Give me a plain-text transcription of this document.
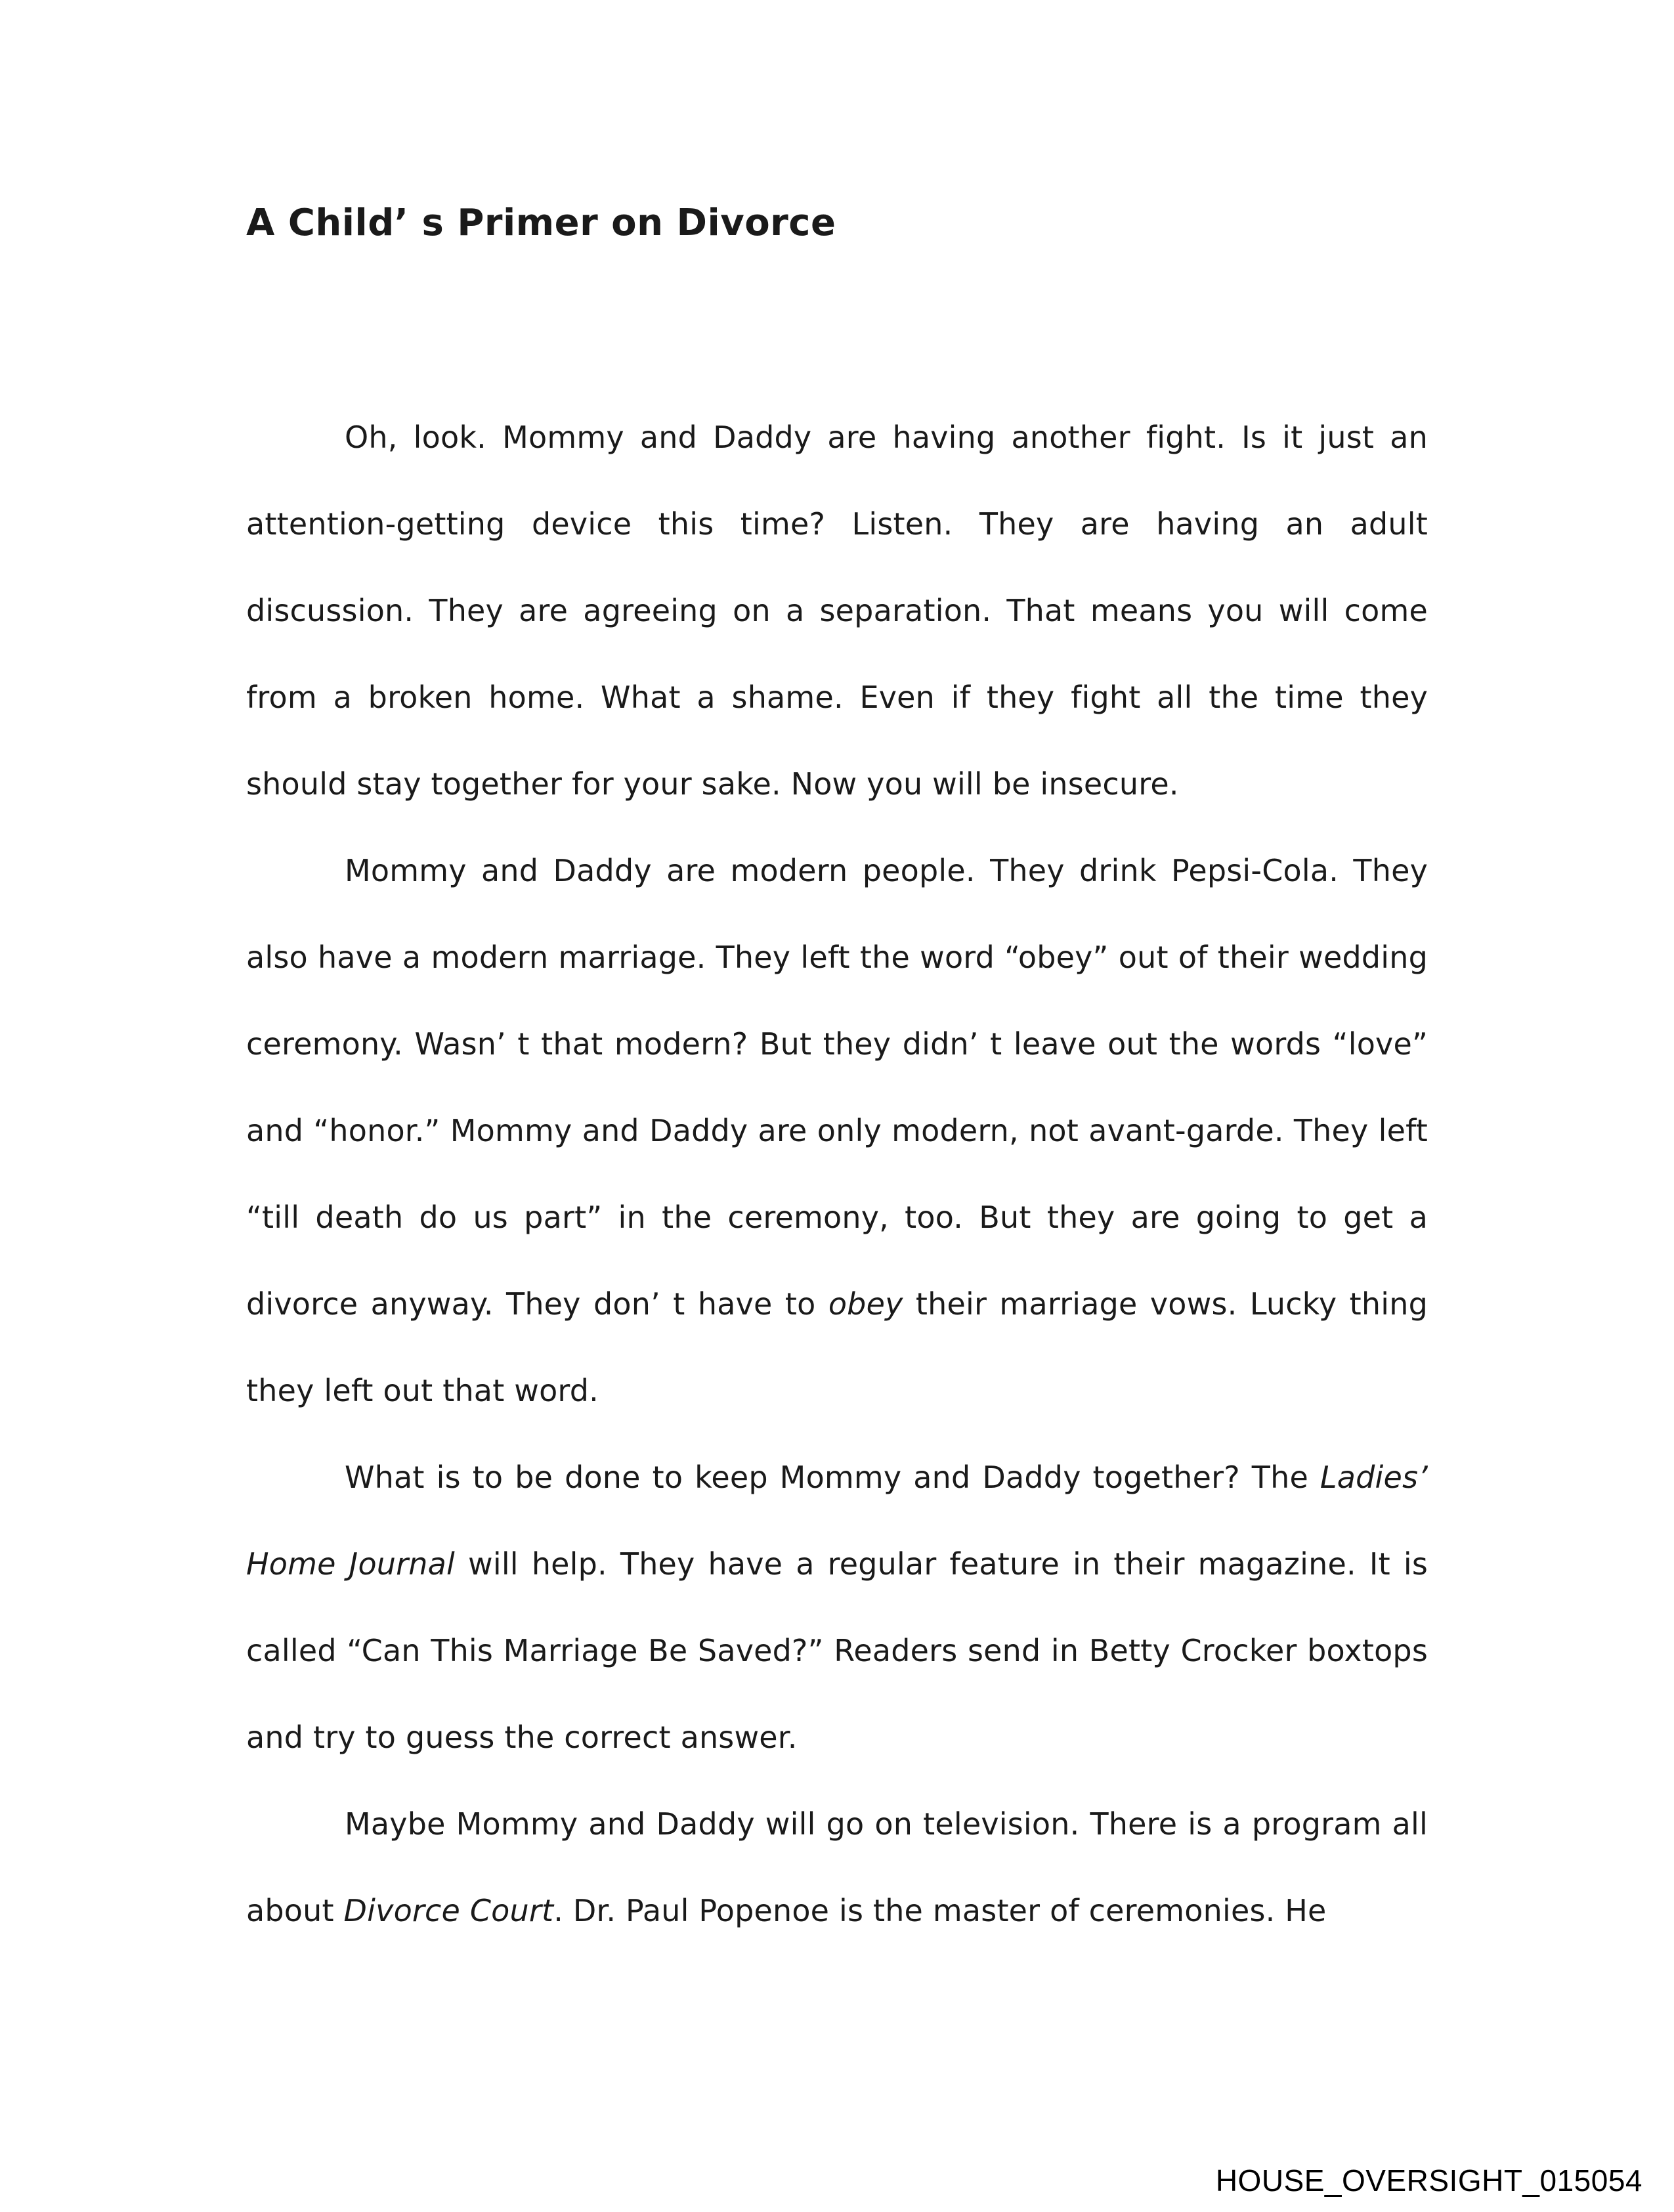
A Child’ s Primer on Divorce

Oh, look. Mommy and Daddy are having another fight. Is it just an attention-getting device this time? Listen. They are having an adult discussion. They are agreeing on a separation. That means you will come from a broken home. What a shame. Even if they fight all the time they should stay together for your sake. Now you will be insecure.

Mommy and Daddy are modern people. They drink Pepsi-Cola. They also have a modern marriage. They left the word “obey” out of their wedding ceremony. Wasn’ t that modern? But they didn’ t leave out the words “love” and “honor.” Mommy and Daddy are only modern, not avant-garde. They left “till death do us part” in the ceremony, too. But they are going to get a divorce anyway. They don’ t have to obey their marriage vows. Lucky thing they left out that word.

What is to be done to keep Mommy and Daddy together? The Ladies’ Home Journal will help. They have a regular feature in their magazine. It is called “Can This Marriage Be Saved?” Readers send in Betty Crocker boxtops and try to guess the correct answer.

Maybe Mommy and Daddy will go on television. There is a program all about Divorce Court. Dr. Paul Popenoe is the master of ceremonies. He

HOUSE_OVERSIGHT_015054
